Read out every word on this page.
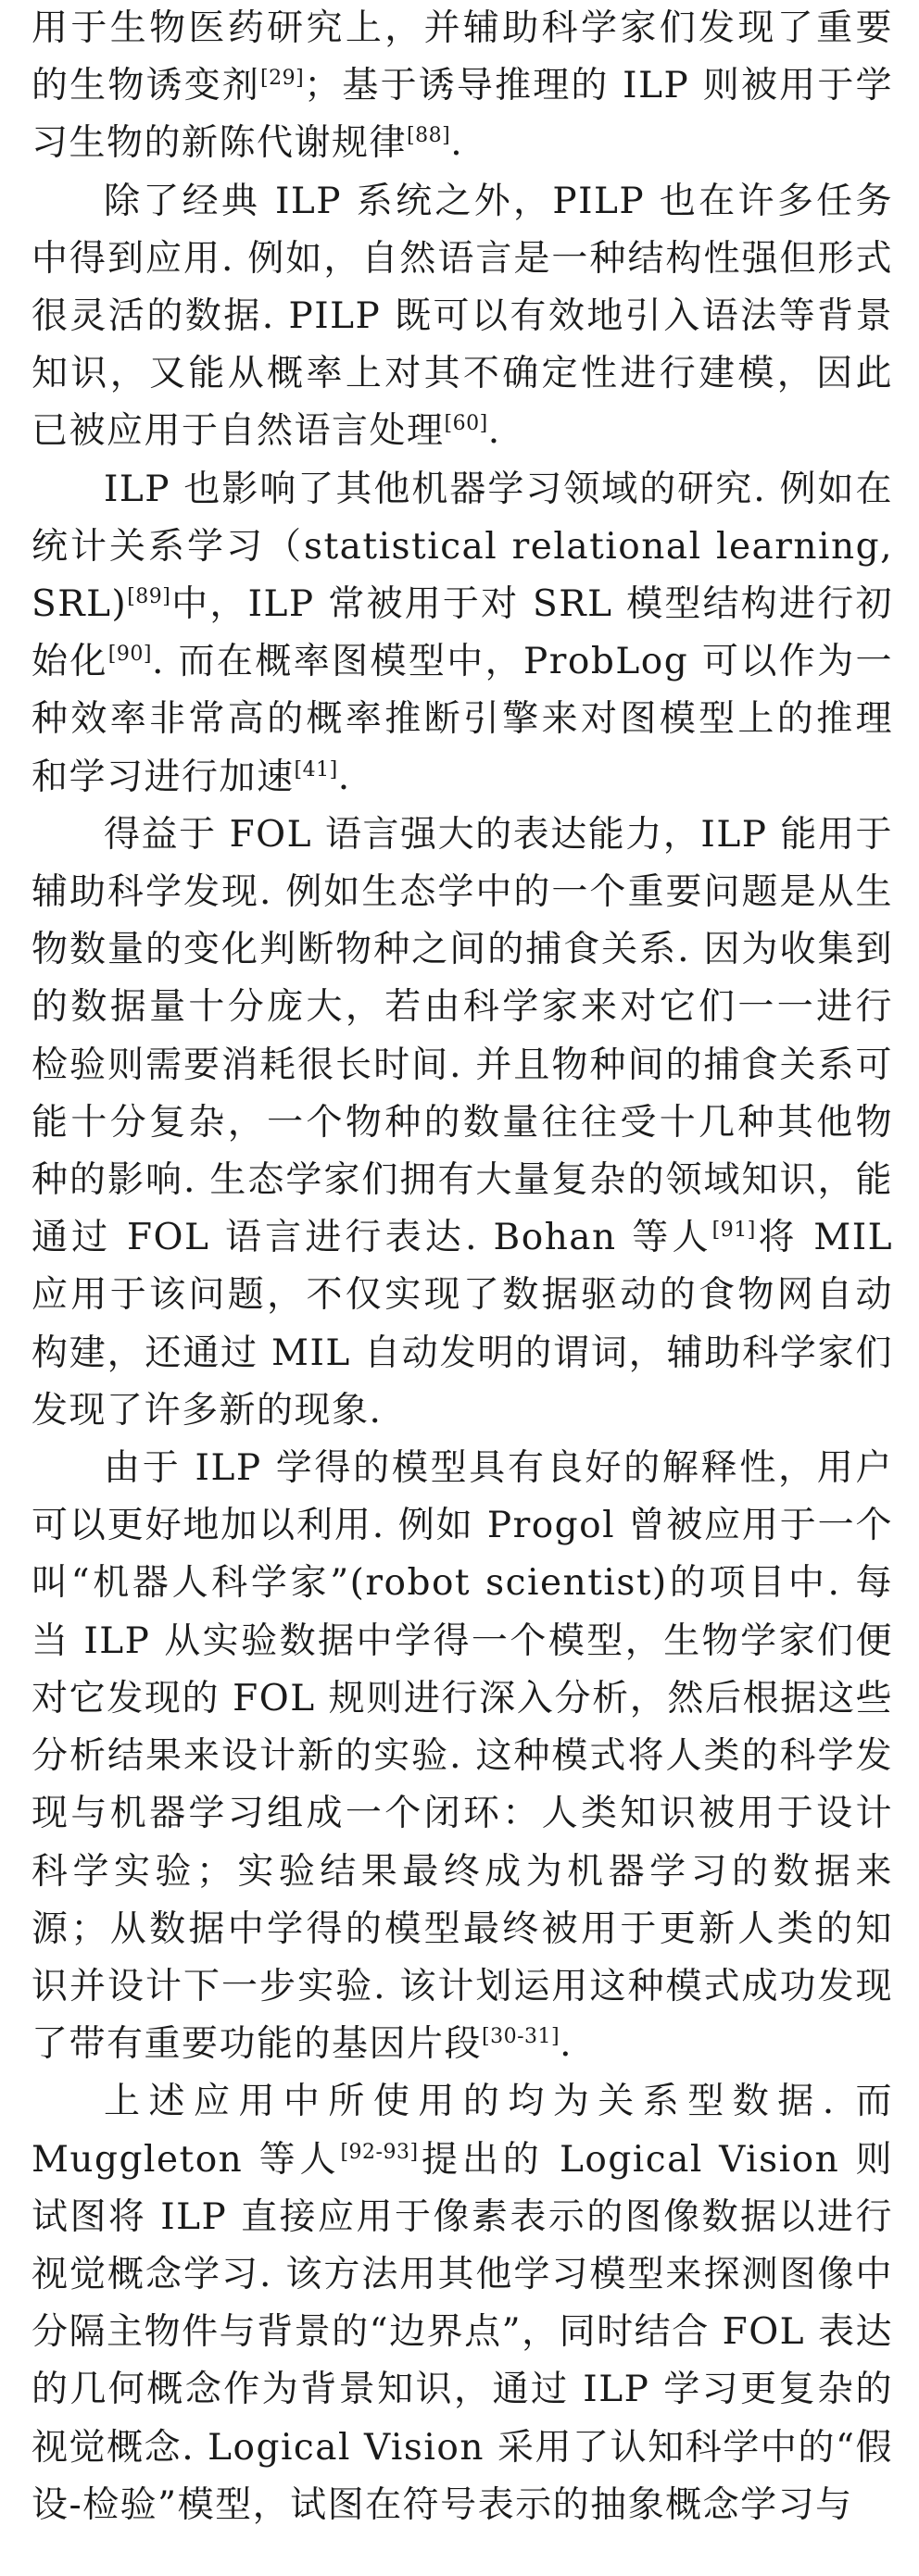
用于生物医药研究上，并辅助科学家们发现了重要的生物诱变剂[29]；基于诱导推理的 ILP 则被用于学习生物的新陈代谢规律[88].

除了经典 ILP 系统之外，PILP 也在许多任务中得到应用. 例如，自然语言是一种结构性强但形式很灵活的数据. PILP 既可以有效地引入语法等背景知识，又能从概率上对其不确定性进行建模，因此已被应用于自然语言处理[60].

ILP 也影响了其他机器学习领域的研究. 例如在统计关系学习（statistical relational learning, SRL)[89]中，ILP 常被用于对 SRL 模型结构进行初始化[90]. 而在概率图模型中，ProbLog 可以作为一种效率非常高的概率推断引擎来对图模型上的推理和学习进行加速[41].

得益于 FOL 语言强大的表达能力，ILP 能用于辅助科学发现. 例如生态学中的一个重要问题是从生物数量的变化判断物种之间的捕食关系. 因为收集到的数据量十分庞大，若由科学家来对它们一一进行检验则需要消耗很长时间. 并且物种间的捕食关系可能十分复杂，一个物种的数量往往受十几种其他物种的影响. 生态学家们拥有大量复杂的领域知识，能通过 FOL 语言进行表达. Bohan 等人[91]将 MIL 应用于该问题，不仅实现了数据驱动的食物网自动构建，还通过 MIL 自动发明的谓词，辅助科学家们发现了许多新的现象.

由于 ILP 学得的模型具有良好的解释性，用户可以更好地加以利用. 例如 Progol 曾被应用于一个叫“机器人科学家”(robot scientist)的项目中. 每当 ILP 从实验数据中学得一个模型，生物学家们便对它发现的 FOL 规则进行深入分析，然后根据这些分析结果来设计新的实验. 这种模式将人类的科学发现与机器学习组成一个闭环：人类知识被用于设计科学实验；实验结果最终成为机器学习的数据来源；从数据中学得的模型最终被用于更新人类的知识并设计下一步实验. 该计划运用这种模式成功发现了带有重要功能的基因片段[30-31].

上述应用中所使用的均为关系型数据. 而 Muggleton 等人[92-93]提出的 Logical Vision 则试图将 ILP 直接应用于像素表示的图像数据以进行视觉概念学习. 该方法用其他学习模型来探测图像中分隔主物件与背景的“边界点”，同时结合 FOL 表达的几何概念作为背景知识，通过 ILP 学习更复杂的视觉概念. Logical Vision 采用了认知科学中的“假设-检验”模型，试图在符号表示的抽象概念学习与
